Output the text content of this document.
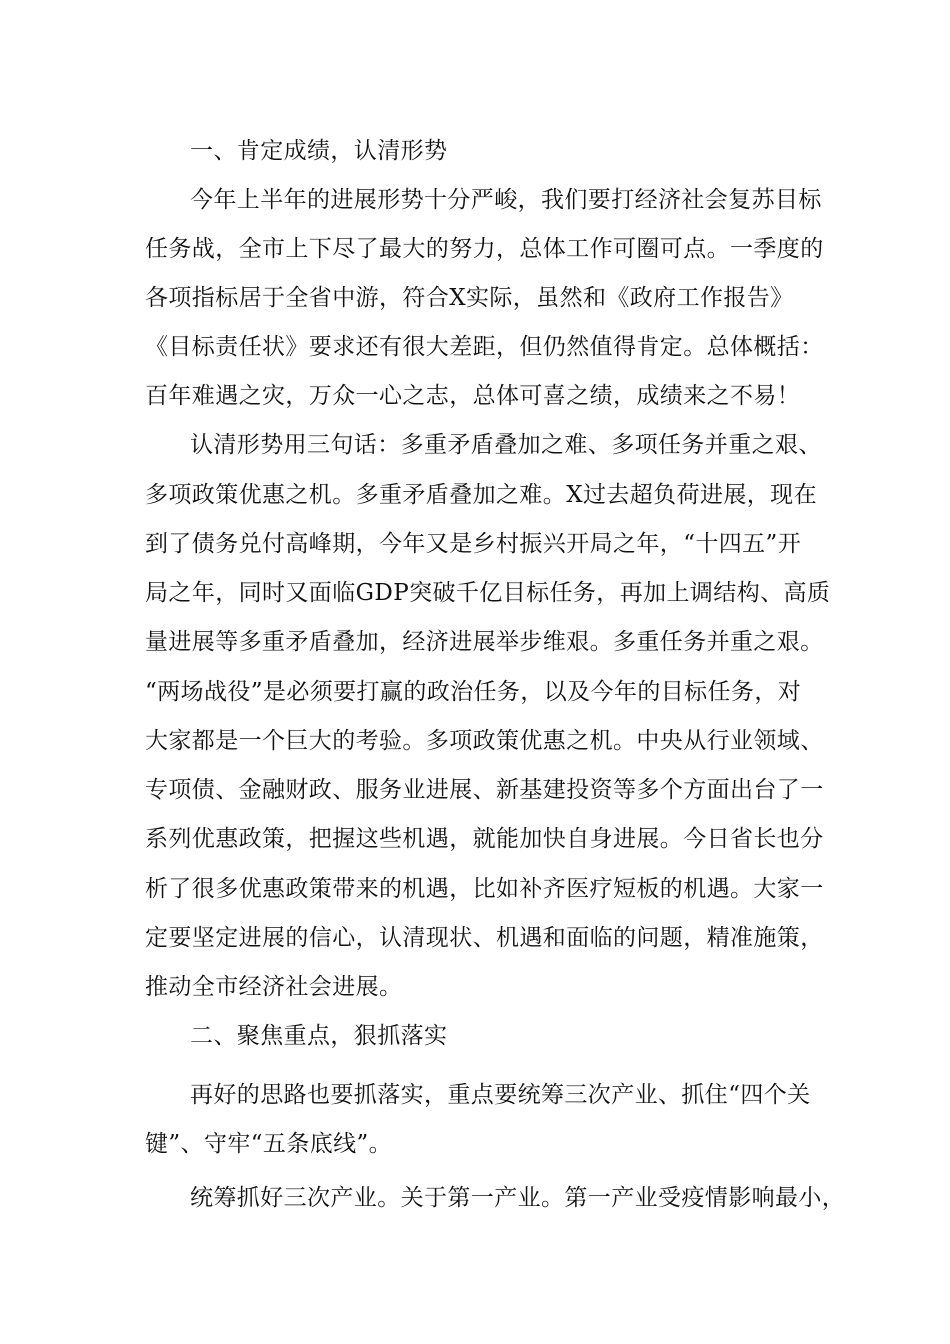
一、肯定成绩，认清形势
今年上半年的进展形势十分严峻，我们要打经济社会复苏目标
任务战，全市上下尽了最大的努力，总体工作可圈可点。一季度的
各项指标居于全省中游，符合X实际，虽然和《政府工作报告》
《目标责任状》要求还有很大差距，但仍然值得肯定。总体概括：
百年难遇之灾，万众一心之志，总体可喜之绩，成绩来之不易！
认清形势用三句话：多重矛盾叠加之难、多项任务并重之艰、
多项政策优惠之机。多重矛盾叠加之难。X过去超负荷进展，现在
到了债务兑付高峰期，今年又是乡村振兴开局之年，“十四五”开
局之年，同时又面临GDP突破千亿目标任务，再加上调结构、高质
量进展等多重矛盾叠加，经济进展举步维艰。多重任务并重之艰。
“两场战役”是必须要打赢的政治任务，以及今年的目标任务，对
大家都是一个巨大的考验。多项政策优惠之机。中央从行业领域、
专项债、金融财政、服务业进展、新基建投资等多个方面出台了一
系列优惠政策，把握这些机遇，就能加快自身进展。今日省长也分
析了很多优惠政策带来的机遇，比如补齐医疗短板的机遇。大家一
定要坚定进展的信心，认清现状、机遇和面临的问题，精准施策，
推动全市经济社会进展。
二、聚焦重点，狠抓落实
再好的思路也要抓落实，重点要统筹三次产业、抓住“四个关
键”、守牢“五条底线”。
统筹抓好三次产业。关于第一产业。第一产业受疫情影响最小，
